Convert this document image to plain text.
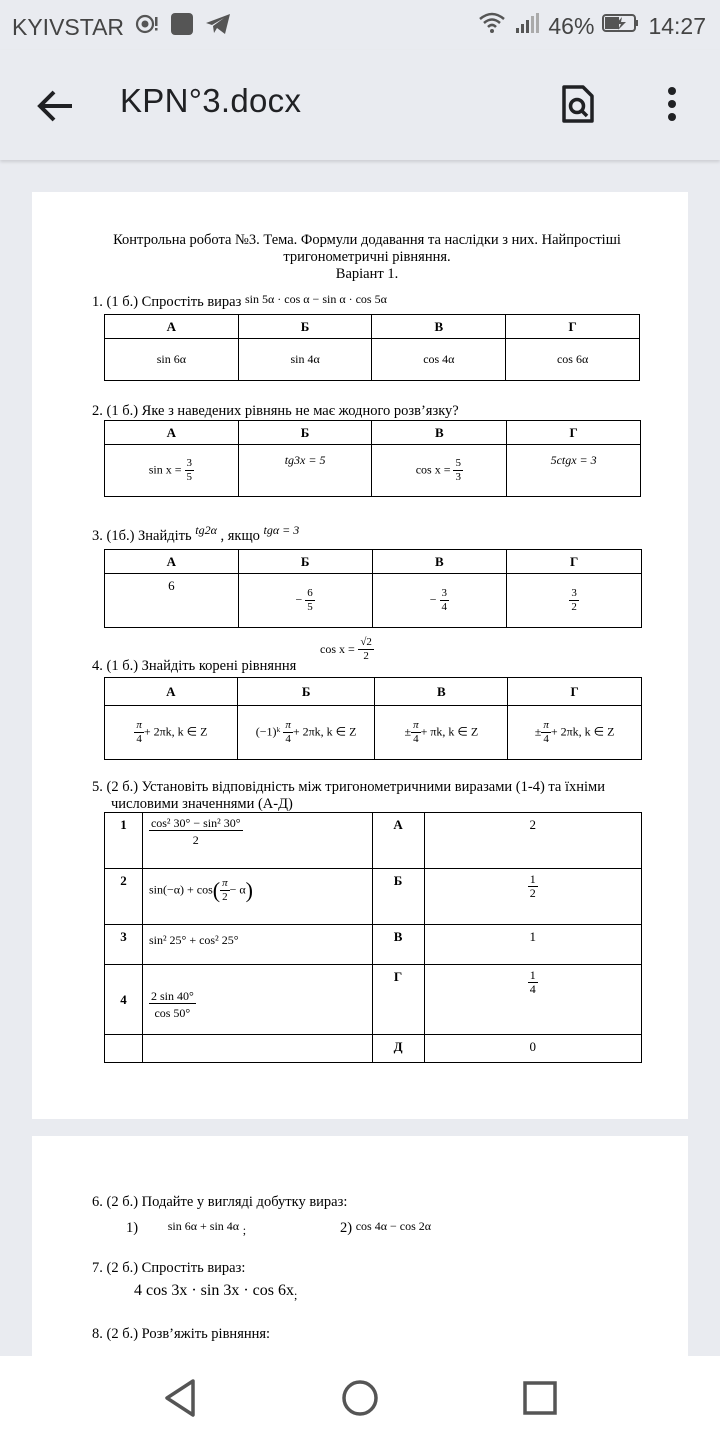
KYIVSTAR	46% 14:27
KPN°3.docx
Контрольна робота №3. Тема. Формули додавання та наслідки з них. Найпростіші
тригонометричні рівняння.
Варіант 1.
1. (1 б.) Спростіть вираз $^{sin 5\alpha \cdot cos \alpha - sin \alpha \cdot cos 5\alpha}$
А	Б	В	Г
sin 6α	sin 4α	cos 4α	cos 6α
2. (1 б.) Яке з наведених рівнянь не має жодного розв’язку?
А	Б	В	Г
$\sin x = \frac{3}{5}$	tg3x = 5	$\cos x = \frac{5}{3}$	5ctgx = 3
3. (1б.) Знайдіть $^{tg2\alpha}$ , якщо $^{tg\alpha = 3}$
А	Б	В	Г
6	− $\frac{6}{5}$	− $\frac{3}{4}$	$\frac{3}{2}$
4. (1 б.) Знайдіть корені рівняння
$\cos x = \frac{√2}{2}$
А	Б	В	Г

$\frac{\pi}{4} + 2\pi k$, k ∈ Z	(−1)ᵏ $\frac{\pi}{4} + 2\pi k$, k ∈ Z	± $\frac{\pi}{4} + \pi k$, k ∈ Z	± $\frac{\pi}{4} + 2\pi k$, k ∈ Z
5. (2 б.) Установіть відповідність між тригонометричними виразами (1-4) та їхніми
числовими значеннями (А-Д)
1	$\frac{\text{cos² 30° − sin² 30°}}{2}$	А	2
2	$\sin(-\alpha) + \cos( \frac{\pi}{2} - \alpha)$	Б	$\frac{1}{2}$

3	sin² 25° + cos² 25°	В	1
4	$\frac{2 \sin 40^\circ}{\cos 50^\circ}$	Г	$\frac{1}{4}$

		Д	0
6. (2 б.) Подайте у вигляді добутку вираз:
1) sin 6α + sin 4α ;	2) cos 4α − cos 2α
7. (2 б.) Спростіть вираз:
4 $\cos 3x \cdot \sin 3x \cdot \cos 6x_;$
8. (2 б.) Розв’яжіть рівняння:
